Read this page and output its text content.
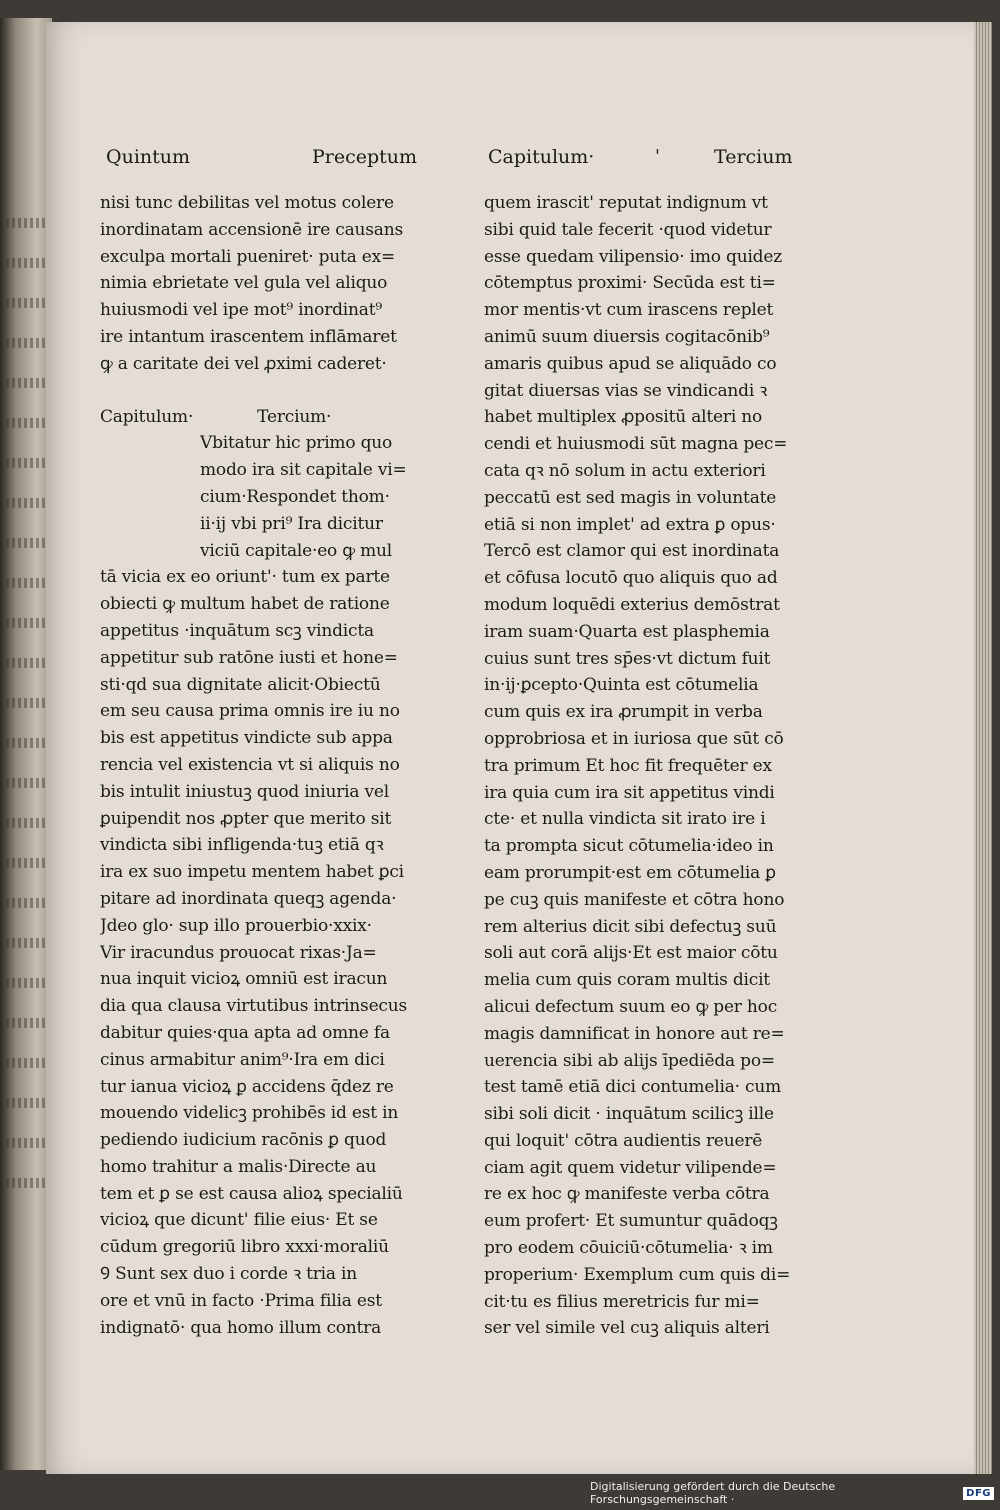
Quintum	Preceptum	Capitulum·	'	Tercium
nisi tunc debilitas vel motus colere
inordinatam accensionē ire causans
exculpa mortali pueniret· puta ex=
nimia ebrietate vel gula vel aliquo
huiusmodi vel ipe mot⁹ inordinat⁹
ire intantum irascentem inflāmaret
ꝙ a caritate dei vel ꝓximi caderet·
Capitulum·	Tercium·
Vbitatur hic primo quo
modo ira sit capitale vi=
cium·Respondet thom·
ii·ij vbi pri⁹ Ira dicitur
viciū capitale·eo ꝙ mul
tā vicia ex eo oriunt'· tum ex parte
obiecti ꝙ multum habet de ratione
appetitus ·inquātum scꝫ vindicta
appetitur sub ratōne iusti et hone=
sti·qd sua dignitate alicit·Obiectū
em seu causa prima omnis ire iu no
bis est appetitus vindicte sub appa
rencia vel existencia vt si aliquis no
bis intulit iniustuꝫ quod iniuria vel
ꝑuipendit nos ꝓpter que merito sit
vindicta sibi infligenda·tuꝫ etiā qꝛ
ira ex suo impetu mentem habet ꝑci
pitare ad inordinata queqꝫ agenda·
Jdeo glo· sup illo prouerbio·xxix·
Vir iracundus prouocat rixas·Ja=
nua inquit vicioꝝ omniū est iracun
dia qua clausa virtutibus intrinsecus
dabitur quies·qua apta ad omne fa
cinus armabitur anim⁹·Ira em dici
tur ianua vicioꝝ ꝑ accidens q̄dez re
mouendo videlicꝫ prohibēs id est in
pediendo iudicium racōnis ꝑ quod
homo trahitur a malis·Directe au
tem et ꝑ se est causa alioꝝ specialiū
vicioꝝ que dicunt' filie eius· Et se
cūdum gregoriū libro xxxi·moraliū
Ꝯ Sunt sex duo i corde ꝛ tria in
ore et vnū in facto ·Prima filia est
indignatō· qua homo illum contra
quem irascit' reputat indignum vt
sibi quid tale fecerit ·quod videtur
esse quedam vilipensio· imo quidez
cōtemptus proximi· Secūda est ti=
mor mentis·vt cum irascens replet
animū suum diuersis cogitacōnib⁹
amaris quibus apud se aliquādo co
gitat diuersas vias se vindicandi ꝛ
habet multiplex ꝓpositū alteri no
cendi et huiusmodi sūt magna pec=
cata qꝛ nō solum in actu exteriori
peccatū est sed magis in voluntate
etiā si non implet' ad extra ꝑ opus·
Tercō est clamor qui est inordinata
et cōfusa locutō quo aliquis quo ad
modum loquēdi exterius demōstrat
iram suam·Quarta est plasphemia
cuius sunt tres sp̄es·vt dictum fuit
in·ij·ꝑcepto·Quinta est cōtumelia
cum quis ex ira ꝓrumpit in verba
opprobriosa et in iuriosa que sūt cō
tra primum Et hoc fit frequēter ex
ira quia cum ira sit appetitus vindi
cte· et nulla vindicta sit irato ire i
ta prompta sicut cōtumelia·ideo in
eam prorumpit·est em cōtumelia ꝑ
pe cuꝫ quis manifeste et cōtra hono
rem alterius dicit sibi defectuꝫ suū
soli aut corā alijs·Et est maior cōtu
melia cum quis coram multis dicit
alicui defectum suum eo ꝙ per hoc
magis damnificat in honore aut re=
uerencia sibi ab alijs īpediēda po=
test tamē etiā dici contumelia· cum
sibi soli dicit · inquātum scilicꝫ ille
qui loquit' cōtra audientis reuerē
ciam agit quem videtur vilipende=
re ex hoc ꝙ manifeste verba cōtra
eum profert· Et sumuntur quādoqꝫ
pro eodem cōuiciū·cōtumelia· ꝛ im
properium· Exemplum cum quis di=
cit·tu es filius meretricis fur mi=
ser vel simile vel cuꝫ aliquis alteri
Digitalisierung gefördert durch die Deutsche Forschungsgemeinschaft ·	DFG
